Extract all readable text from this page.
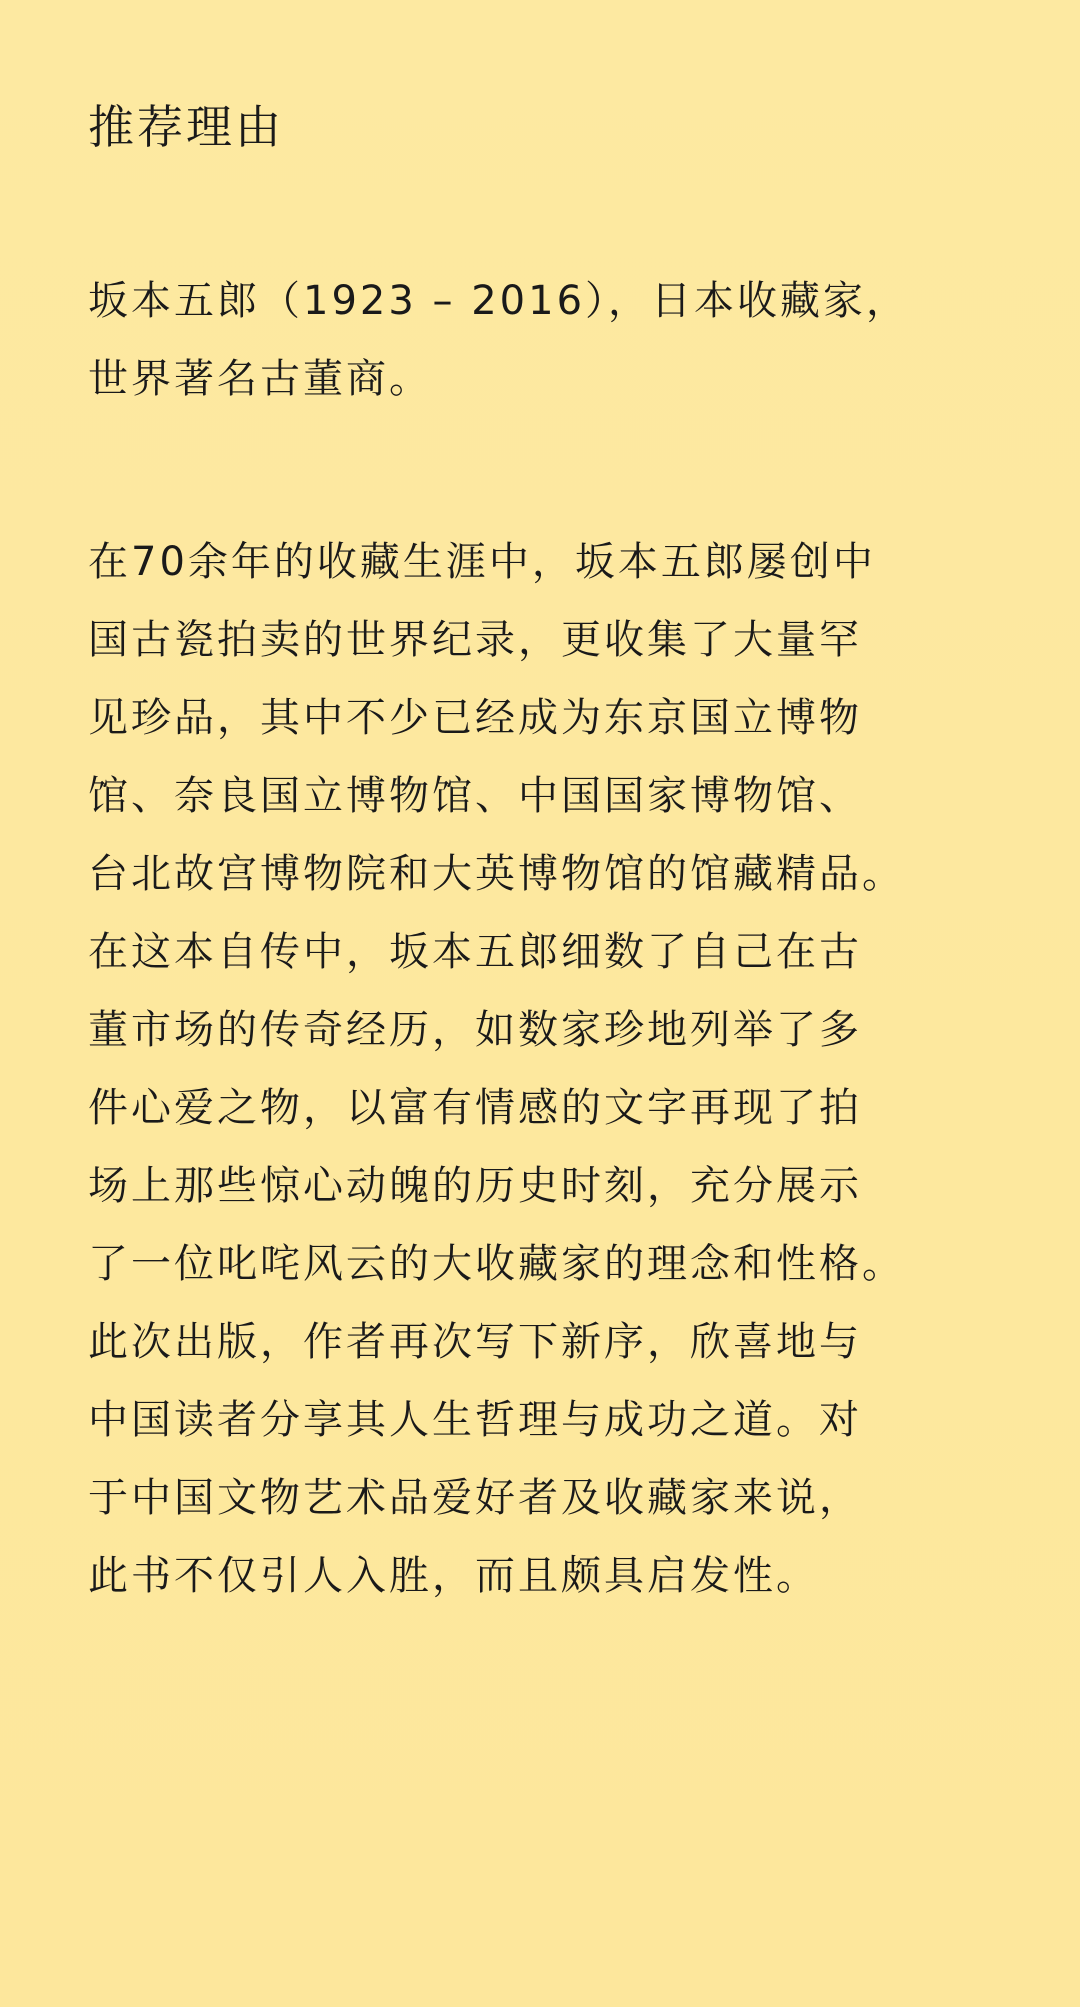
推荐理由

坂本五郎（1923 – 2016），日本收藏家，
世界著名古董商。

在70余年的收藏生涯中，坂本五郎屡创中
国古瓷拍卖的世界纪录，更收集了大量罕
见珍品，其中不少已经成为东京国立博物
馆、奈良国立博物馆、中国国家博物馆、
台北故宫博物院和大英博物馆的馆藏精品。
在这本自传中，坂本五郎细数了自己在古
董市场的传奇经历，如数家珍地列举了多
件心爱之物，以富有情感的文字再现了拍
场上那些惊心动魄的历史时刻，充分展示
了一位叱咤风云的大收藏家的理念和性格。
此次出版，作者再次写下新序，欣喜地与
中国读者分享其人生哲理与成功之道。对
于中国文物艺术品爱好者及收藏家来说，
此书不仅引人入胜，而且颇具启发性。
